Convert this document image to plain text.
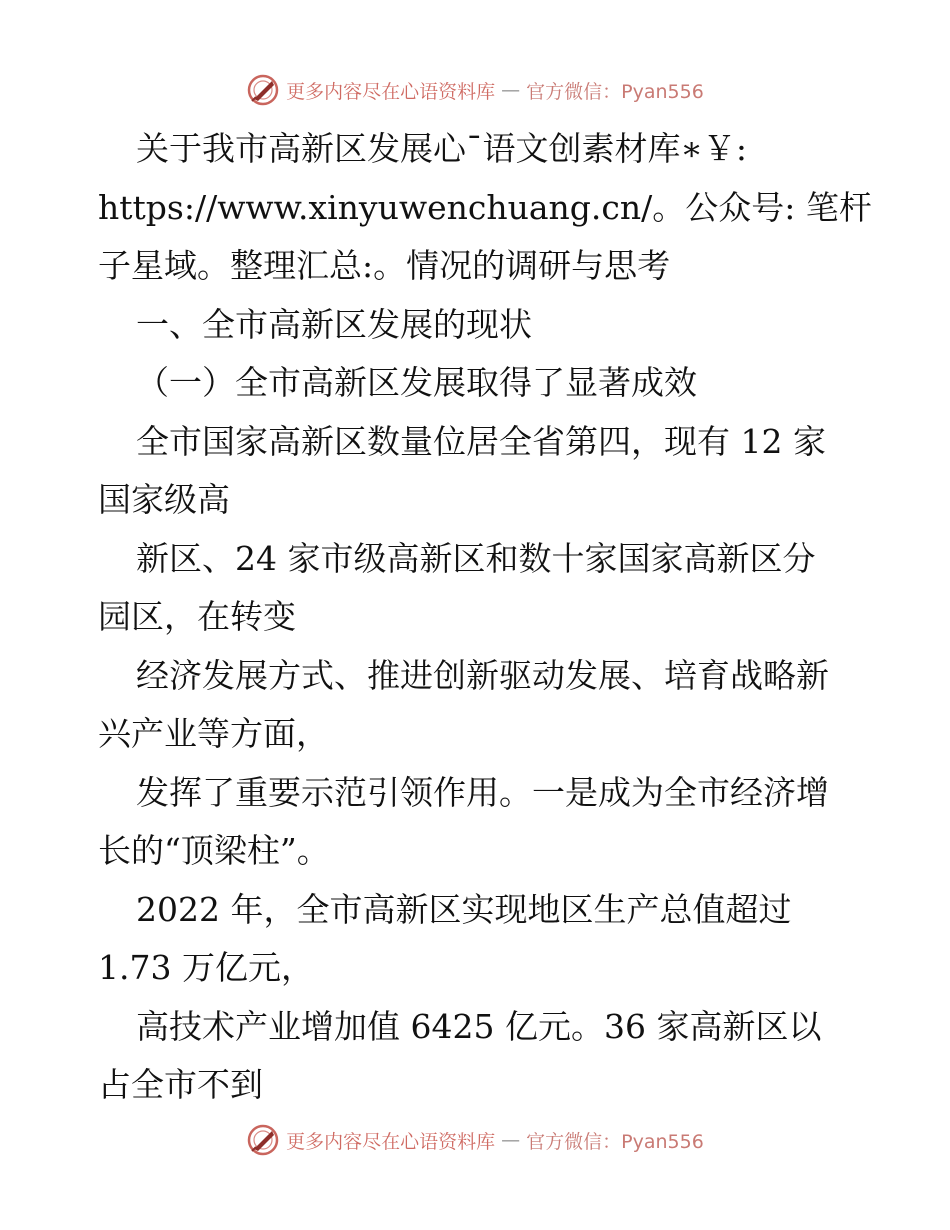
更多内容尽在心语资料库 — 官方微信：Pyan556
关于我市高新区发展心¯语文创素材库∗￥:
https://www.xinyuwenchuang.cn/。公众号: 笔杆
子星域。整理汇总:。情况的调研与思考
一、全市高新区发展的现状
（一）全市高新区发展取得了显著成效
全市国家高新区数量位居全省第四，现有 12 家
国家级高
新区、24 家市级高新区和数十家国家高新区分
园区，在转变
经济发展方式、推进创新驱动发展、培育战略新
兴产业等方面，
发挥了重要示范引领作用。一是成为全市经济增
长的“顶梁柱”。
2022 年，全市高新区实现地区生产总值超过
1.73 万亿元，
高技术产业增加值 6425 亿元。36 家高新区以
占全市不到
更多内容尽在心语资料库 — 官方微信：Pyan556
